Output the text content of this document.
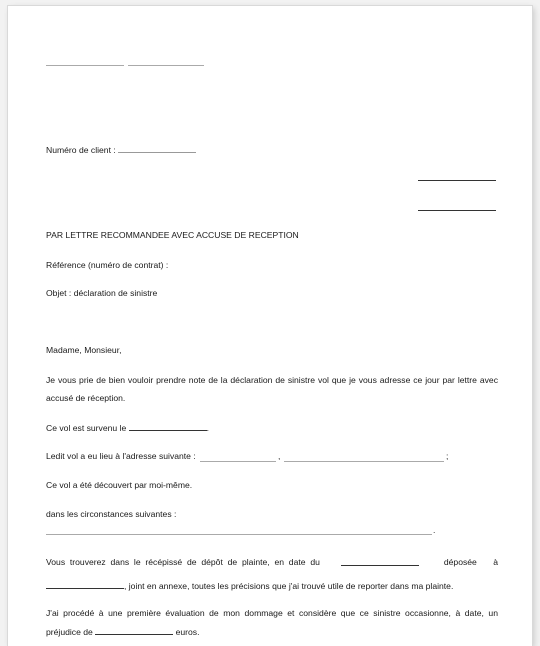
Numéro de client :
PAR LETTRE RECOMMANDEE AVEC ACCUSE DE RECEPTION
Référence (numéro de contrat) :
Objet : déclaration de sinistre
Madame, Monsieur,
Je vous prie de bien vouloir prendre note de la déclaration de sinistre vol que je vous adresse ce jour par lettre avec
accusé de réception.
Ce vol est survenu le	.
Ledit vol a eu lieu à l'adresse suivante :	,	;
Ce vol a été découvert par moi-même.
dans les circonstances suivantes :
.
Vous trouverez dans le récépissé de dépôt de plainte, en date du	déposée à
, joint en annexe, toutes les précisions que j'ai trouvé utile de reporter dans ma plainte.
J'ai procédé à une première évaluation de mon dommage et considère que ce sinistre occasionne, à date, un
préjudice de	euros.
